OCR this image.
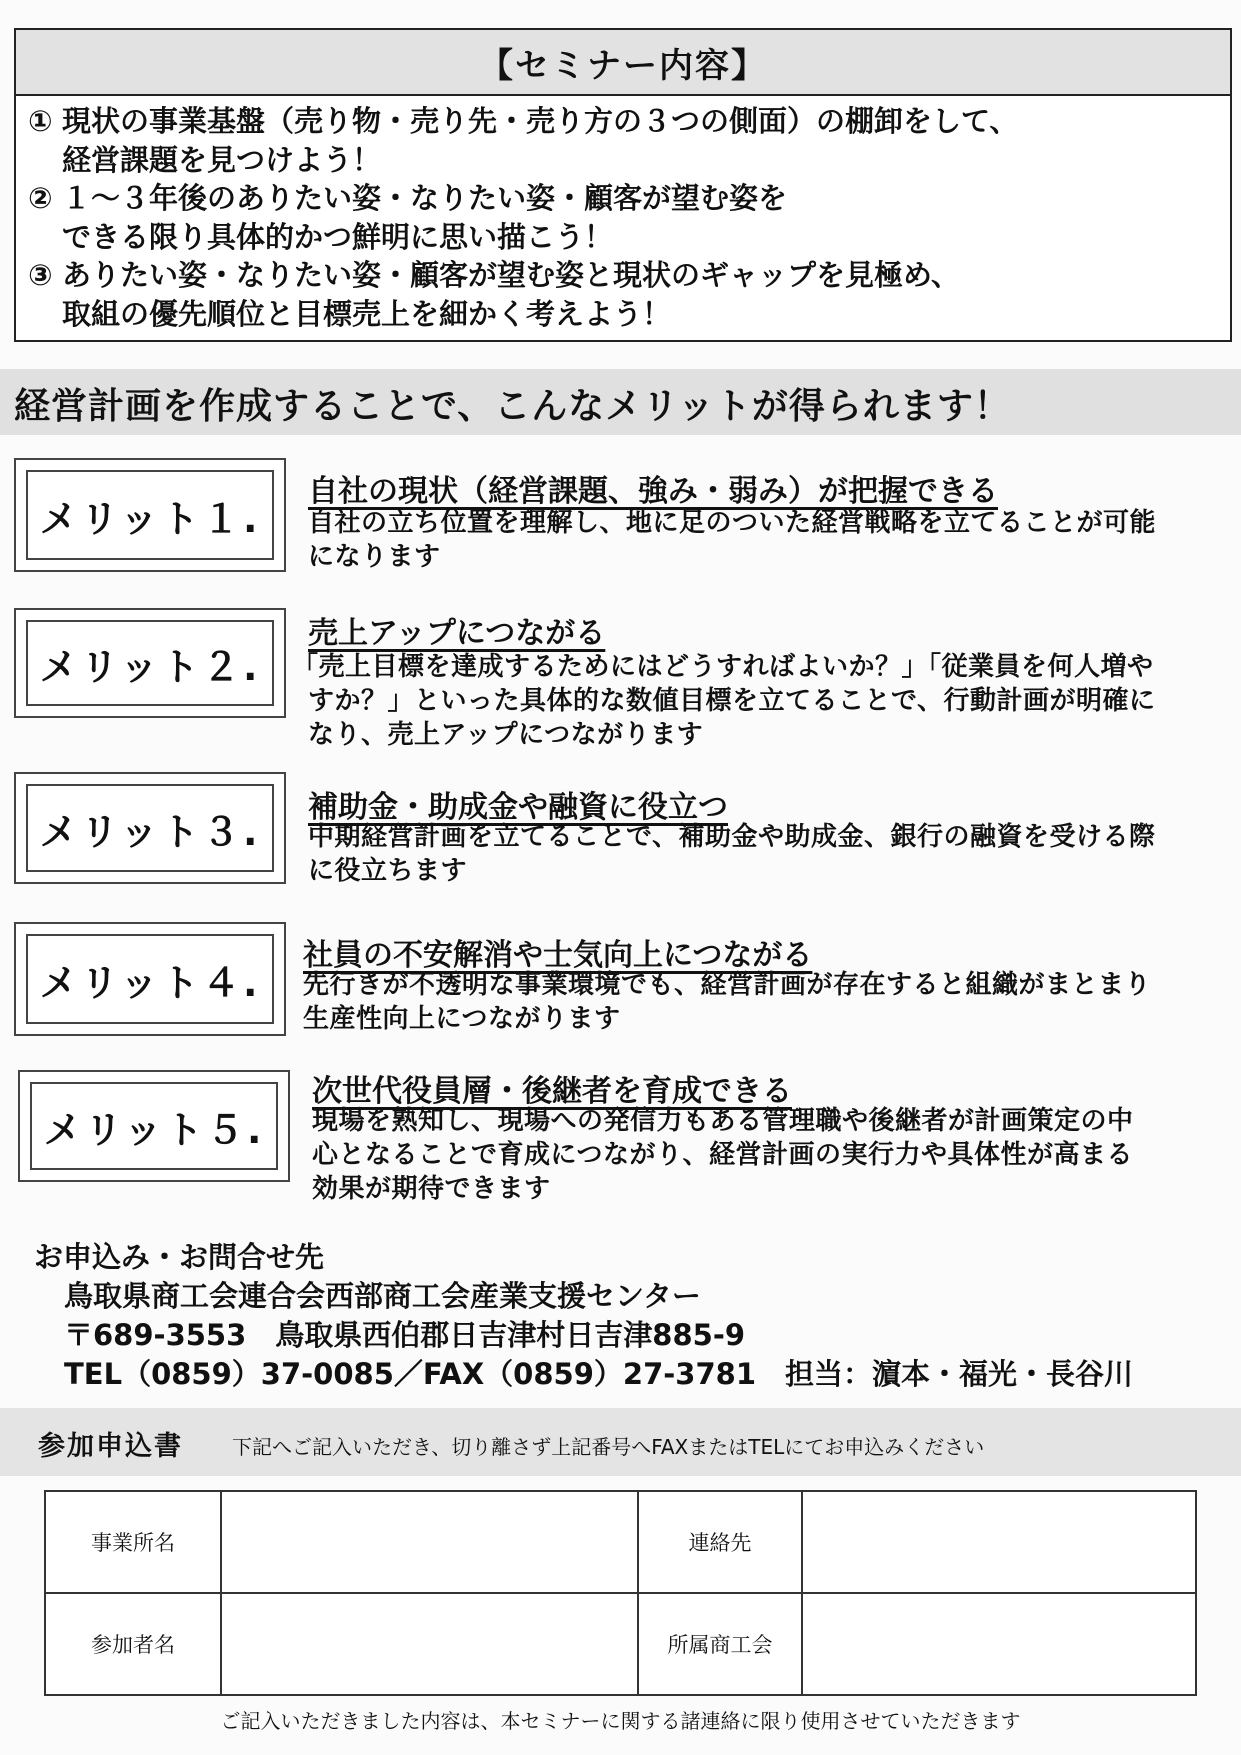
【セミナー内容】
① 現状の事業基盤（売り物・売り先・売り方の３つの側面）の棚卸をして、
経営課題を見つけよう！
② １～３年後のありたい姿・なりたい姿・顧客が望む姿を
できる限り具体的かつ鮮明に思い描こう！
③ ありたい姿・なりたい姿・顧客が望む姿と現状のギャップを見極め、
取組の優先順位と目標売上を細かく考えよう！
経営計画を作成することで、こんなメリットが得られます！
メリット１.
自社の現状（経営課題、強み・弱み）が把握できる
自社の立ち位置を理解し、地に足のついた経営戦略を立てることが可能
になります
メリット２.
売上アップにつながる
「売上目標を達成するためにはどうすればよいか？」「従業員を何人増や
すか？」といった具体的な数値目標を立てることで、行動計画が明確に
なり、売上アップにつながります
メリット３.
補助金・助成金や融資に役立つ
中期経営計画を立てることで、補助金や助成金、銀行の融資を受ける際
に役立ちます
メリット４.
社員の不安解消や士気向上につながる
先行きが不透明な事業環境でも、経営計画が存在すると組織がまとまり
生産性向上につながります
メリット５.
次世代役員層・後継者を育成できる
現場を熟知し、現場への発信力もある管理職や後継者が計画策定の中
心となることで育成につながり、経営計画の実行力や具体性が高まる
効果が期待できます
お申込み・お問合せ先
鳥取県商工会連合会西部商工会産業支援センター
〒689-3553　鳥取県西伯郡日吉津村日吉津885-9
TEL（0859）37-0085／FAX（0859）27-3781　担当：濵本・福光・長谷川
参加申込書 下記へご記入いただき、切り離さず上記番号へFAXまたはTELにてお申込みください
事業所名		連絡先	
参加者名		所属商工会	
ご記入いただきました内容は、本セミナーに関する諸連絡に限り使用させていただきます
